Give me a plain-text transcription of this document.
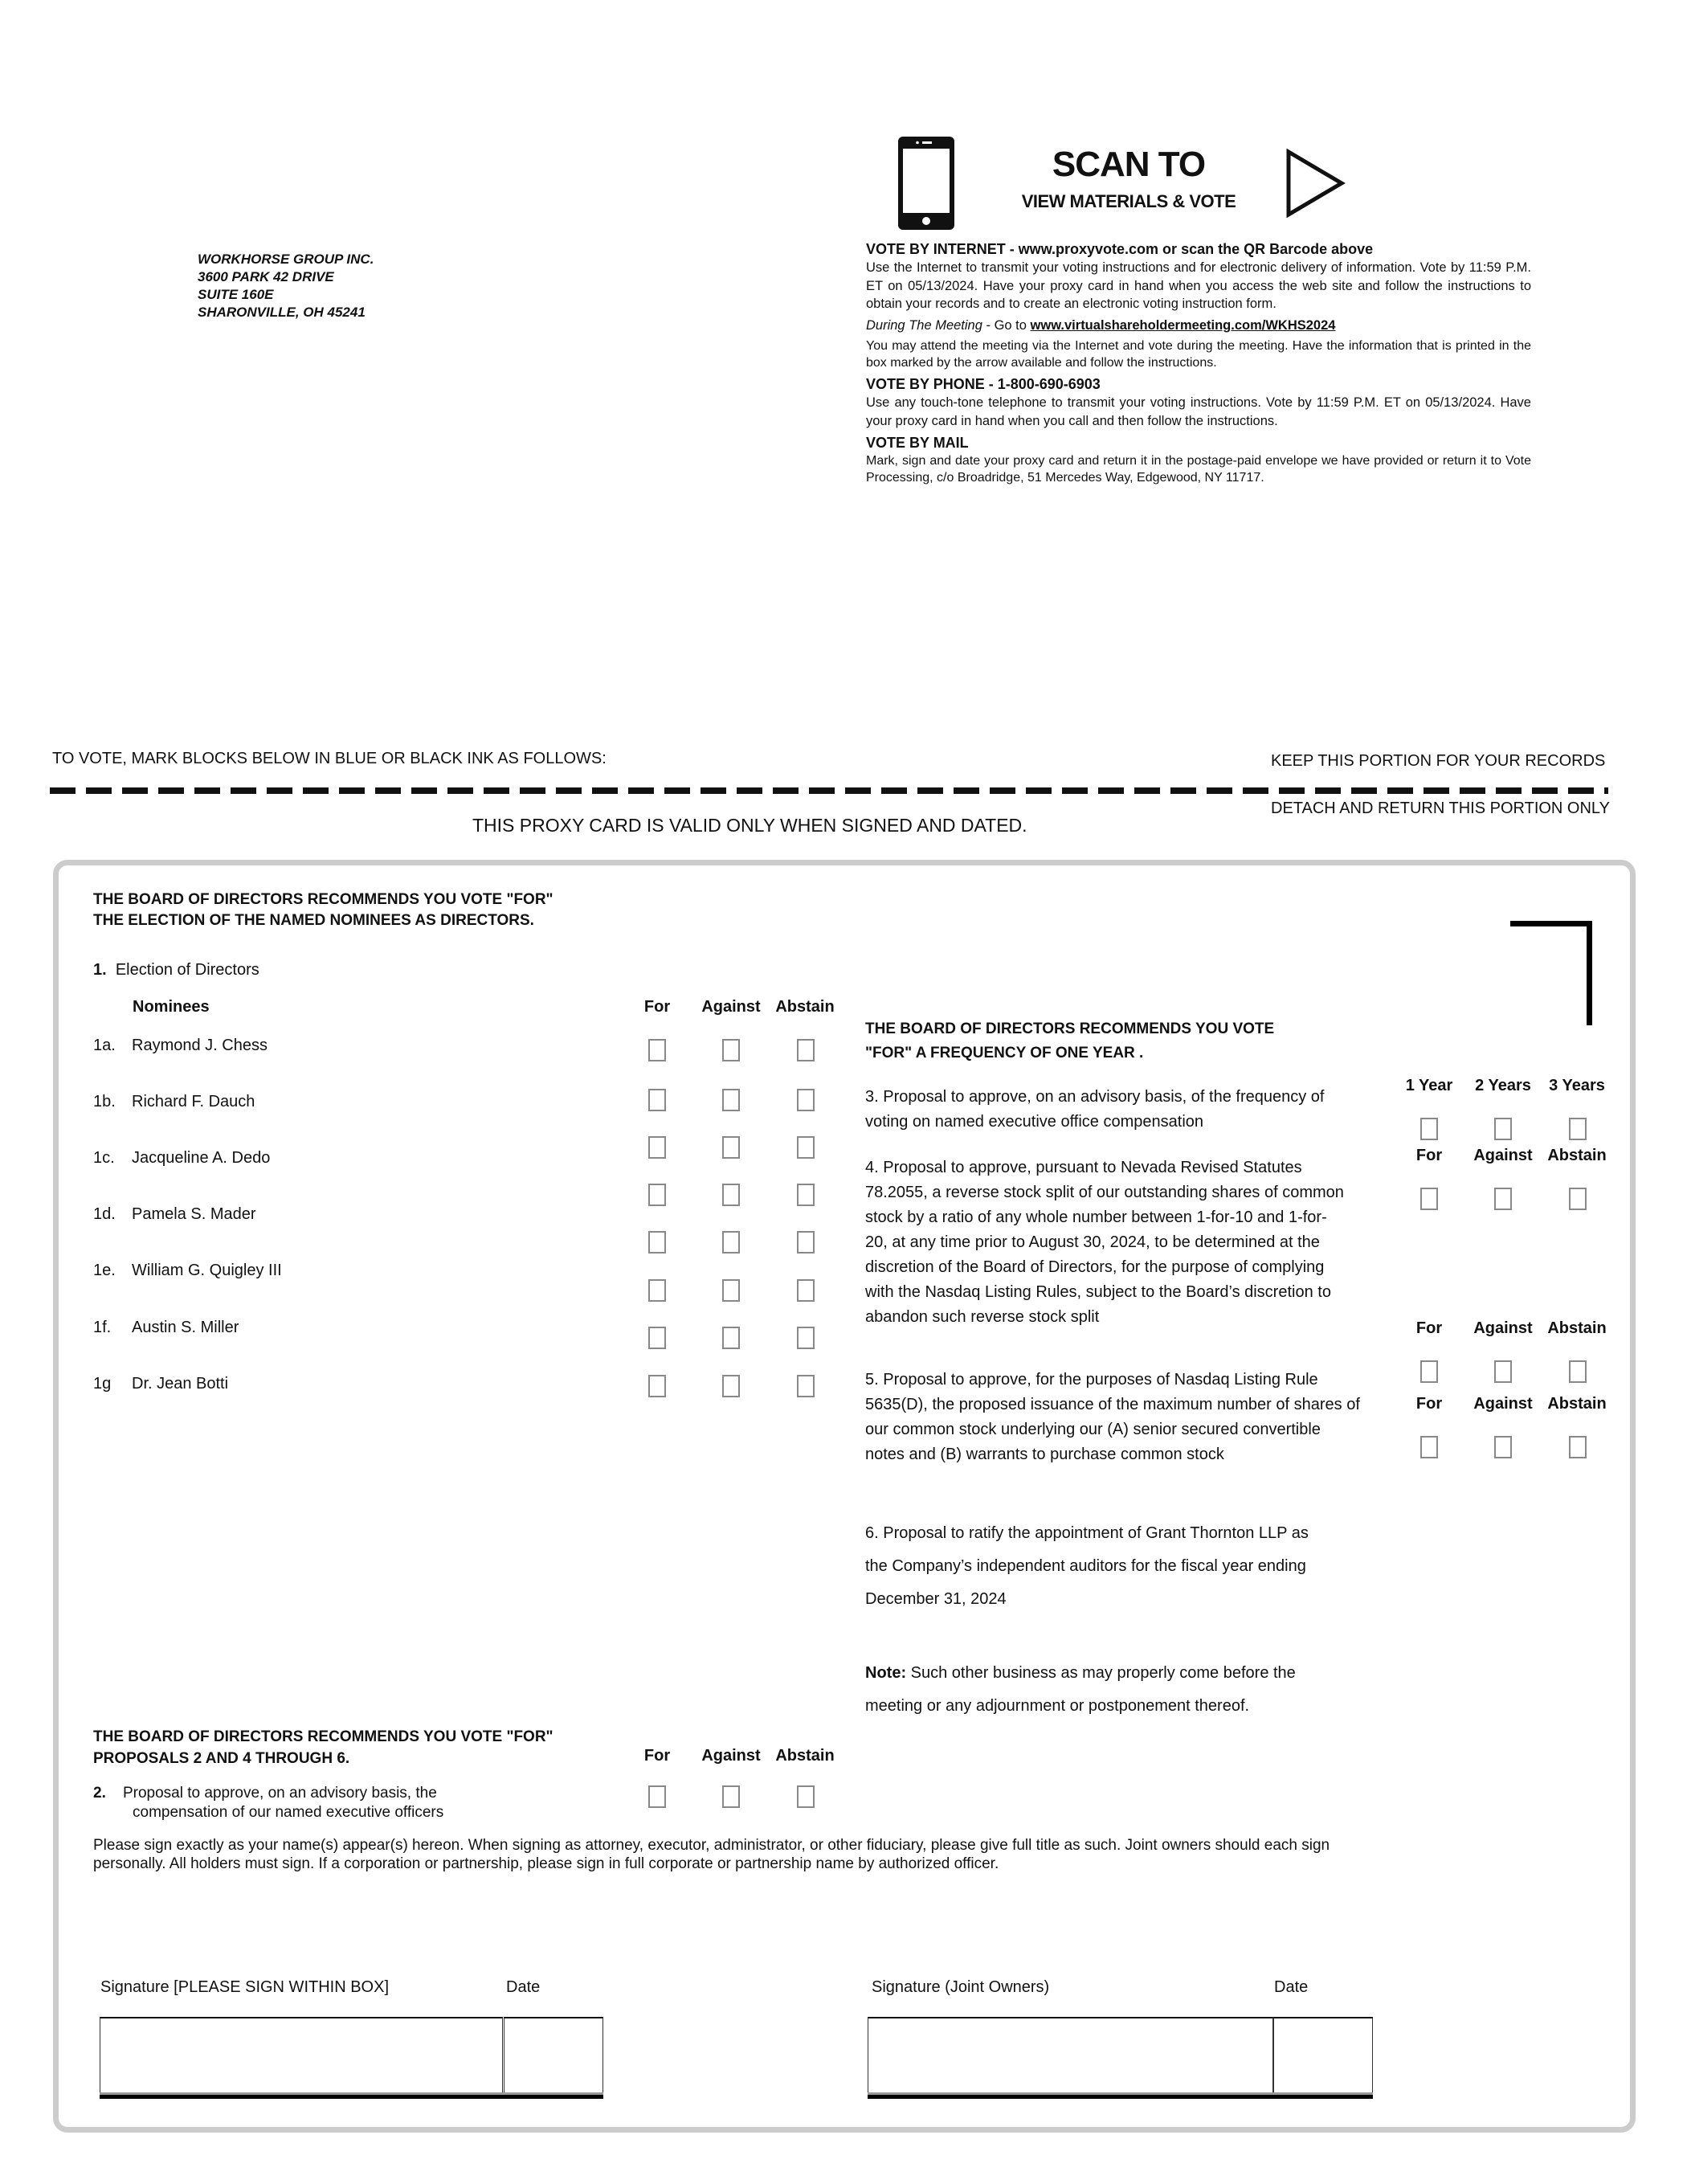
WORKHORSE GROUP INC.
3600 PARK 42 DRIVE
SUITE 160E
SHARONVILLE, OH 45241
SCAN TO
VIEW MATERIALS & VOTE
VOTE BY INTERNET - www.proxyvote.com or scan the QR Barcode above

Use the Internet to transmit your voting instructions and for electronic delivery of information. Vote by 11:59 P.M. ET on 05/13/2024. Have your proxy card in hand when you access the web site and follow the instructions to obtain your records and to create an electronic voting instruction form.

During The Meeting - Go to www.virtualshareholdermeeting.com/WKHS2024

You may attend the meeting via the Internet and vote during the meeting. Have the information that is printed in the box marked by the arrow available and follow the instructions.

VOTE BY PHONE - 1-800-690-6903

Use any touch-tone telephone to transmit your voting instructions. Vote by 11:59 P.M. ET on 05/13/2024. Have your proxy card in hand when you call and then follow the instructions.

VOTE BY MAIL

Mark, sign and date your proxy card and return it in the postage-paid envelope we have provided or return it to Vote Processing, c/o Broadridge, 51 Mercedes Way, Edgewood, NY 11717.

TO VOTE, MARK BLOCKS BELOW IN BLUE OR BLACK INK AS FOLLOWS:	KEEP THIS PORTION FOR YOUR RECORDS
DETACH AND RETURN THIS PORTION ONLY
THIS PROXY CARD IS VALID ONLY WHEN SIGNED AND DATED.
THE BOARD OF DIRECTORS RECOMMENDS YOU VOTE "FOR"
THE ELECTION OF THE NAMED NOMINEES AS DIRECTORS.
1. Election of Directors
Nominees	For	Against Abstain
1a. Raymond J. Chess
1b. Richard F. Dauch
1c. Jacqueline A. Dedo
1d. Pamela S. Mader
1e. William G. Quigley III
1f. Austin S. Miller
1g Dr. Jean Botti
THE BOARD OF DIRECTORS RECOMMENDS YOU VOTE
"FOR" A FREQUENCY OF ONE YEAR .
1 Year	2 Years	3 Years
3. Proposal to approve, on an advisory basis, of the frequency of voting on named executive office compensation
For	Against Abstain
4. Proposal to approve, pursuant to Nevada Revised Statutes 78.2055, a reverse stock split of our outstanding shares of common stock by a ratio of any whole number between 1-for-10 and 1-for-20, at any time prior to August 30, 2024, to be determined at the discretion of the Board of Directors, for the purpose of complying with the Nasdaq Listing Rules, subject to the Board’s discretion to abandon such reverse stock split
For	Against Abstain
5. Proposal to approve, for the purposes of Nasdaq Listing Rule 5635(D), the proposed issuance of the maximum number of shares of our common stock underlying our (A) senior secured convertible notes and (B) warrants to purchase common stock
For	Against Abstain
6. Proposal to ratify the appointment of Grant Thornton LLP as the Company’s independent auditors for the fiscal year ending December 31, 2024
Note: Such other business as may properly come before the meeting or any adjournment or postponement thereof.
THE BOARD OF DIRECTORS RECOMMENDS YOU VOTE "FOR"
PROPOSALS 2 AND 4 THROUGH 6.	For	Against Abstain
2. Proposal to approve, on an advisory basis, the
compensation of our named executive officers
Please sign exactly as your name(s) appear(s) hereon. When signing as attorney, executor, administrator, or other fiduciary, please give full title as such. Joint owners should each sign personally. All holders must sign. If a corporation or partnership, please sign in full corporate or partnership name by authorized officer.
Signature [PLEASE SIGN WITHIN BOX]	Date	Signature (Joint Owners)	Date
